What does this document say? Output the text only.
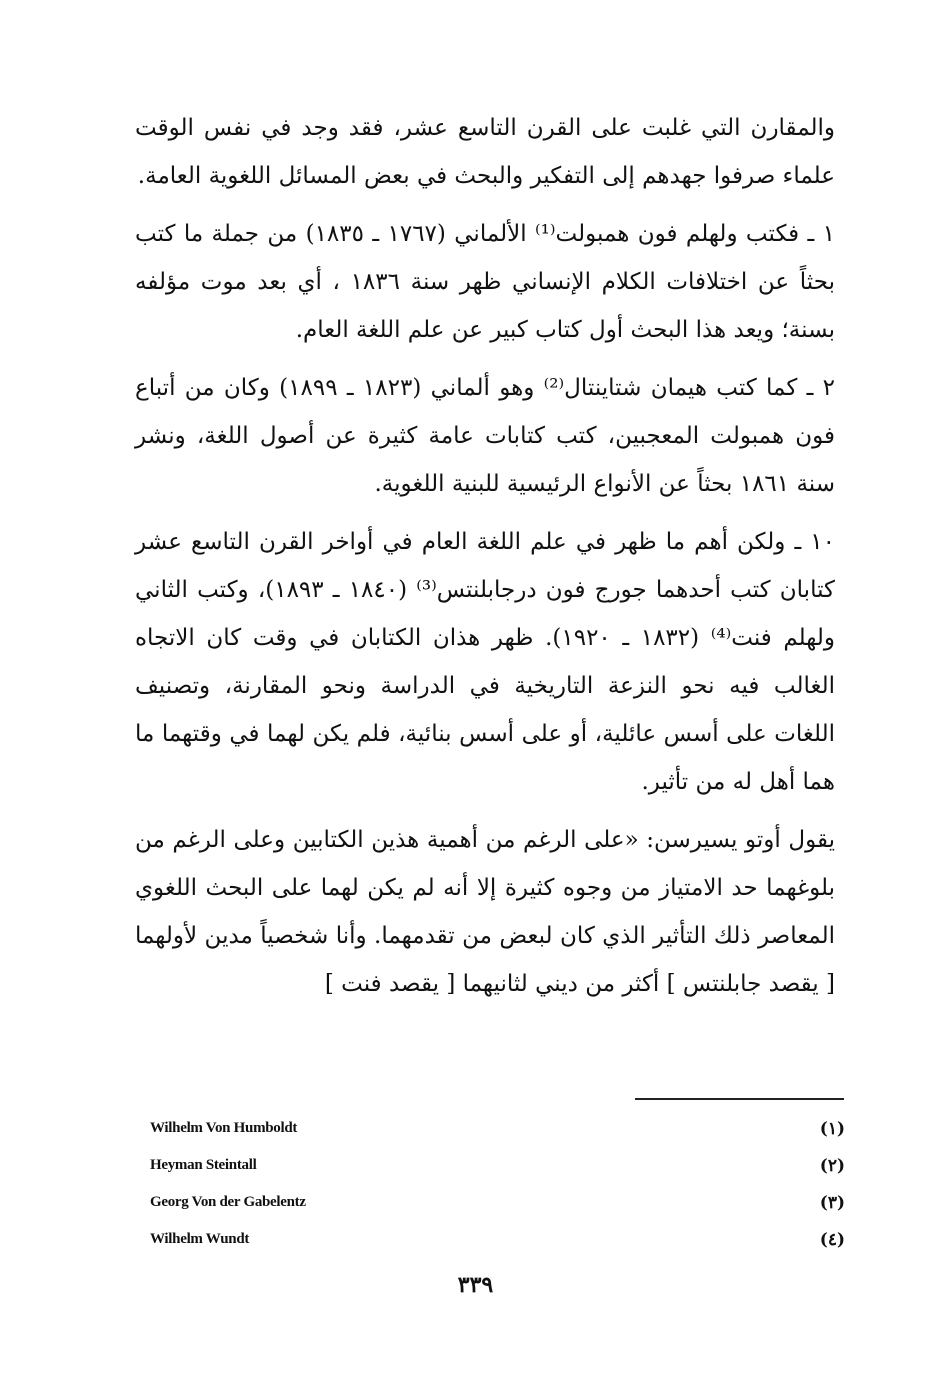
والمقارن التي غلبت على القرن التاسع عشر، فقد وجد في نفس الوقت علماء صرفوا جهدهم إلى التفكير والبحث في بعض المسائل اللغوية العامة.

١ ـ فكتب ولهلم فون همبولت⁽¹⁾ الألماني (١٧٦٧ ـ ١٨٣٥) من جملة ما كتب بحثاً عن اختلافات الكلام الإنساني ظهر سنة ١٨٣٦ ، أي بعد موت مؤلفه بسنة؛ ويعد هذا البحث أول كتاب كبير عن علم اللغة العام.

٢ ـ كما كتب هيمان شتاينتال⁽²⁾ وهو ألماني (١٨٢٣ ـ ١٨٩٩) وكان من أتباع فون همبولت المعجبين، كتب كتابات عامة كثيرة عن أصول اللغة، ونشر سنة ١٨٦١ بحثاً عن الأنواع الرئيسية للبنية اللغوية.

١٠ ـ ولكن أهم ما ظهر في علم اللغة العام في أواخر القرن التاسع عشر كتابان كتب أحدهما جورج فون درجابلنتس⁽³⁾ (١٨٤٠ ـ ١٨٩٣)، وكتب الثاني ولهلم فنت⁽⁴⁾ (١٨٣٢ ـ ١٩٢٠). ظهر هذان الكتابان في وقت كان الاتجاه الغالب فيه نحو النزعة التاريخية في الدراسة ونحو المقارنة، وتصنيف اللغات على أسس عائلية، أو على أسس بنائية، فلم يكن لهما في وقتهما ما هما أهل له من تأثير.

يقول أوتو يسيرسن: «على الرغم من أهمية هذين الكتابين وعلى الرغم من بلوغهما حد الامتياز من وجوه كثيرة إلا أنه لم يكن لهما على البحث اللغوي المعاصر ذلك التأثير الذي كان لبعض من تقدمهما. وأنا شخصياً مدين لأولهما [ يقصد جابلنتس ] أكثر من ديني لثانيهما [ يقصد فنت ]

Wilhelm Von Humboldt	(١)
Heyman Steintall	(٢)
Georg Von der Gabelentz	(٣)
Wilhelm Wundt	(٤)
٣٣٩
